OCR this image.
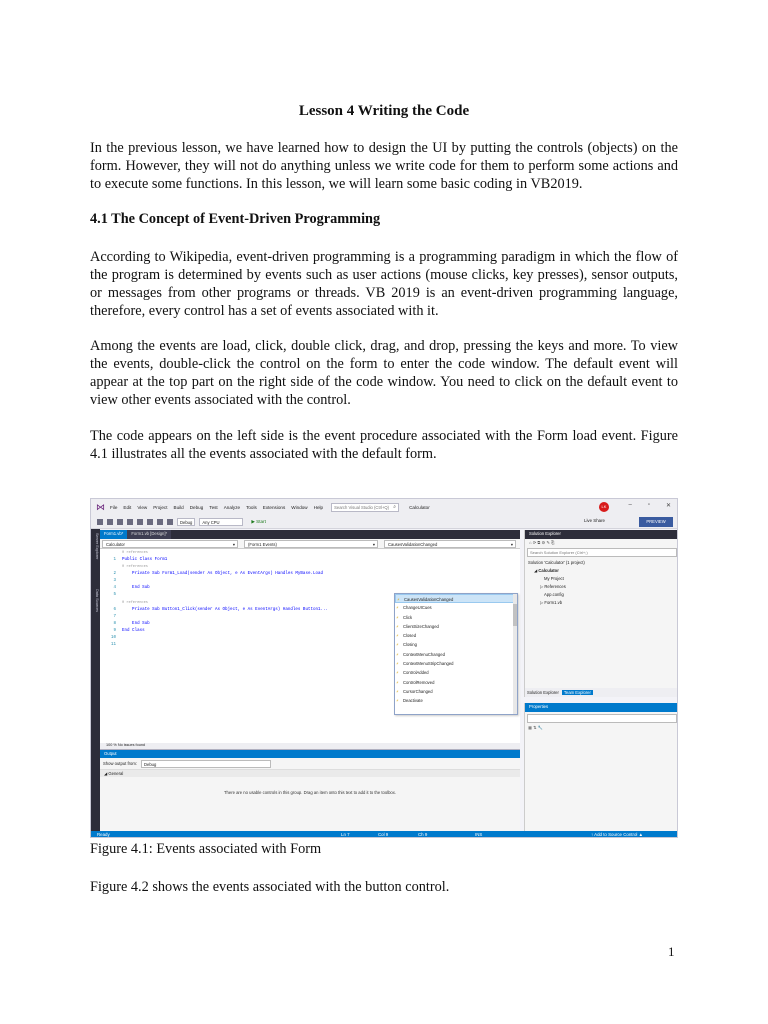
Lesson 4 Writing the Code

In the previous lesson, we have learned how to design the UI by putting the controls (objects) on the form. However, they will not do anything unless we write code for them to perform some actions and to execute some functions. In this lesson, we will learn some basic coding in VB2019.

4.1 The Concept of Event-Driven Programming

According to Wikipedia, event-driven programming is a programming paradigm in which the flow of the program is determined by events such as user actions (mouse clicks, key presses), sensor outputs, or messages from other programs or threads. VB 2019 is an event-driven programming language, therefore, every control has a set of events associated with it.

Among the events are load, click, double click, drag, and drop, pressing the keys and more. To view the events, double-click the control on the form to enter the code window. The default event will appear at the top part on the right side of the code window. You need to click on the default event to view other events associated with the control.

The code appears on the left side is the event procedure associated with the Form load event. Figure 4.1 illustrates all the events associated with the default form.

⋈ File Edit View Project Build Debug Test Analyze Tools Extensions Window Help	Search Visual Studio (Ctrl+Q) ⌕	Calculator	LK	–	▫	✕
Debug	Any CPU	▶ Start	Live Share	PREVIEW
Server Explorer
Data Sources
Form1.vb*	Form1.vb [Design]*
Calculator	▾	(Form1 Events)	▾	CausesValidationChanged	▾
0 references
1 Public Class Form1
0 references
2    Private Sub Form1_Load(sender As Object, e As EventArgs) Handles MyBase.Load
3
4    End Sub
5
0 references
6    Private Sub Button1_Click(sender As Object, e As EventArgs) Handles Button1...
7
8    End Sub
9 End Class
10
11
⚡ CausesValidationChanged
⚡ ChangeUICues
⚡ Click
⚡ ClientSizeChanged
⚡ Closed
⚡ Closing
⚡ ContextMenuChanged
⚡ ContextMenuStripChanged
⚡ ControlAdded
⚡ ControlRemoved
⚡ CursorChanged
⚡ Deactivate
100 % No issues found
Output
Show output from:	Debug
◢ General
There are no usable controls in this group. Drag an item onto this text to add it to the toolbox.
Solution Explorer
⌂ ⟳ ⧉ ⚙ ✎ ⎘
Search Solution Explorer (Ctrl+;)
Solution 'Calculator' (1 project)
◢ Calculator
My Project
▷ References
App.config
▷ Form1.vb
Solution Explorer	Team Explorer
Properties
▦ ⇅ 🔧
Ready	Ln 7	Col 9	Ch 9	INS	↑ Add to Source Control ▲

Figure 4.1: Events associated with Form

Figure 4.2 shows the events associated with the button control.

1
